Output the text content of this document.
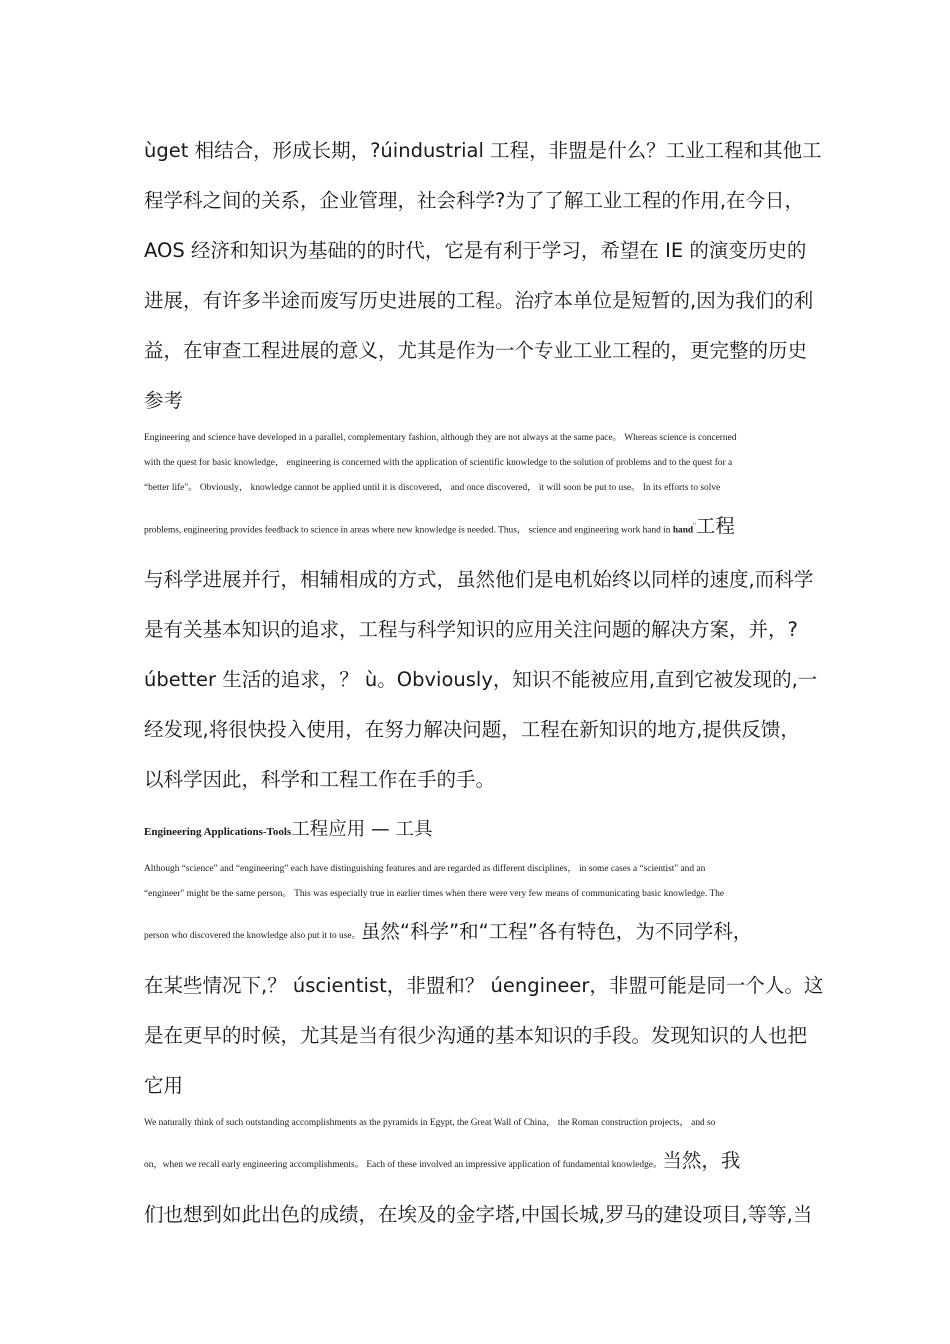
ùget 相结合，形成长期，?úindustrial 工程，非盟是什么？工业工程和其他工

程学科之间的关系，企业管理，社会科学?为了了解工业工程的作用,在今日，

AOS 经济和知识为基础的的时代，它是有利于学习，希望在 IE 的演变历史的

进展，有许多半途而废写历史进展的工程。治疗本单位是短暂的,因为我们的利

益，在审查工程进展的意义，尤其是作为一个专业工业工程的，更完整的历史

参考

Engineering and science have developed in a parallel, complementary fashion, although they are not always at the same pace。 Whereas science is concerned

with the quest for basic knowledge， engineering is concerned with the application of scientific knowledge to the solution of problems and to the quest for a

“better life"。 Obviously， knowledge cannot be applied until it is discovered， and once discovered， it will soon be put to use。 In its efforts to solve

problems, engineering provides feedback to science in areas where new knowledge is needed. Thus， science and engineering work hand in hand$^{^{1)}}$工程

与科学进展并行，相辅相成的方式，虽然他们是电机始终以同样的速度,而科学

是有关基本知识的追求，工程与科学知识的应用关注问题的解决方案，并，?

úbetter 生活的追求，？ ù。Obviously，知识不能被应用,直到它被发现的,一

经发现,将很快投入使用，在努力解决问题，工程在新知识的地方,提供反馈，

以科学因此，科学和工程工作在手的手。

Engineering Applications-Tools工程应用 — 工具

Although “science” and “engineering” each have distinguishing features and are regarded as different disciplines， in some cases a “scientist" and an

“engineer" might be the same person。 This was especially true in earlier times when there were very few means of communicating basic knowledge. The

person who discovered the knowledge also put it to use。虽然“科学”和“工程”各有特色，为不同学科，

在某些情况下,？ úscientist，非盟和？ úengineer，非盟可能是同一个人。这

是在更早的时候，尤其是当有很少沟通的基本知识的手段。发现知识的人也把

它用

We naturally think of such outstanding accomplishments as the pyramids in Egypt, the Great Wall of China， the Roman construction projects， and so

on，when we recall early engineering accomplishments。 Each of these involved an impressive application of fundamental knowledge。当然，我

们也想到如此出色的成绩，在埃及的金字塔,中国长城,罗马的建设项目,等等,当
